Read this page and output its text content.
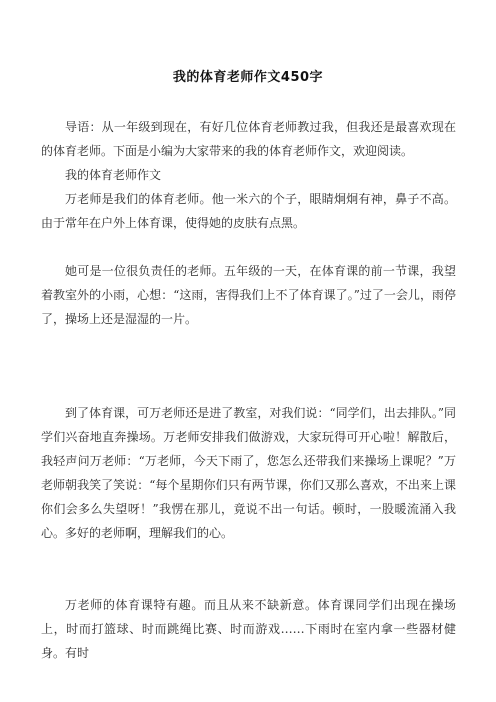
我的体育老师作文450字

导语：从一年级到现在，有好几位体育老师教过我，但我还是最喜欢现在的体育老师。下面是小编为大家带来的我的体育老师作文，欢迎阅读。

我的体育老师作文

万老师是我们的体育老师。他一米六的个子，眼睛炯炯有神，鼻子不高。由于常年在户外上体育课，使得她的皮肤有点黑。

她可是一位很负责任的老师。五年级的一天，在体育课的前一节课，我望着教室外的小雨，心想：“这雨，害得我们上不了体育课了。”过了一会儿，雨停了，操场上还是湿湿的一片。

到了体育课，可万老师还是进了教室，对我们说：“同学们，出去排队。”同学们兴奋地直奔操场。万老师安排我们做游戏，大家玩得可开心啦！解散后，我轻声问万老师：“万老师，今天下雨了，您怎么还带我们来操场上课呢？”万老师朝我笑了笑说：“每个星期你们只有两节课，你们又那么喜欢，不出来上课你们会多么失望呀！”我愣在那儿，竟说不出一句话。顿时，一股暖流涌入我心。多好的老师啊，理解我们的心。

万老师的体育课特有趣。而且从来不缺新意。体育课同学们出现在操场上，时而打篮球、时而跳绳比赛、时而游戏……下雨时在室内拿一些器材健身。有时
